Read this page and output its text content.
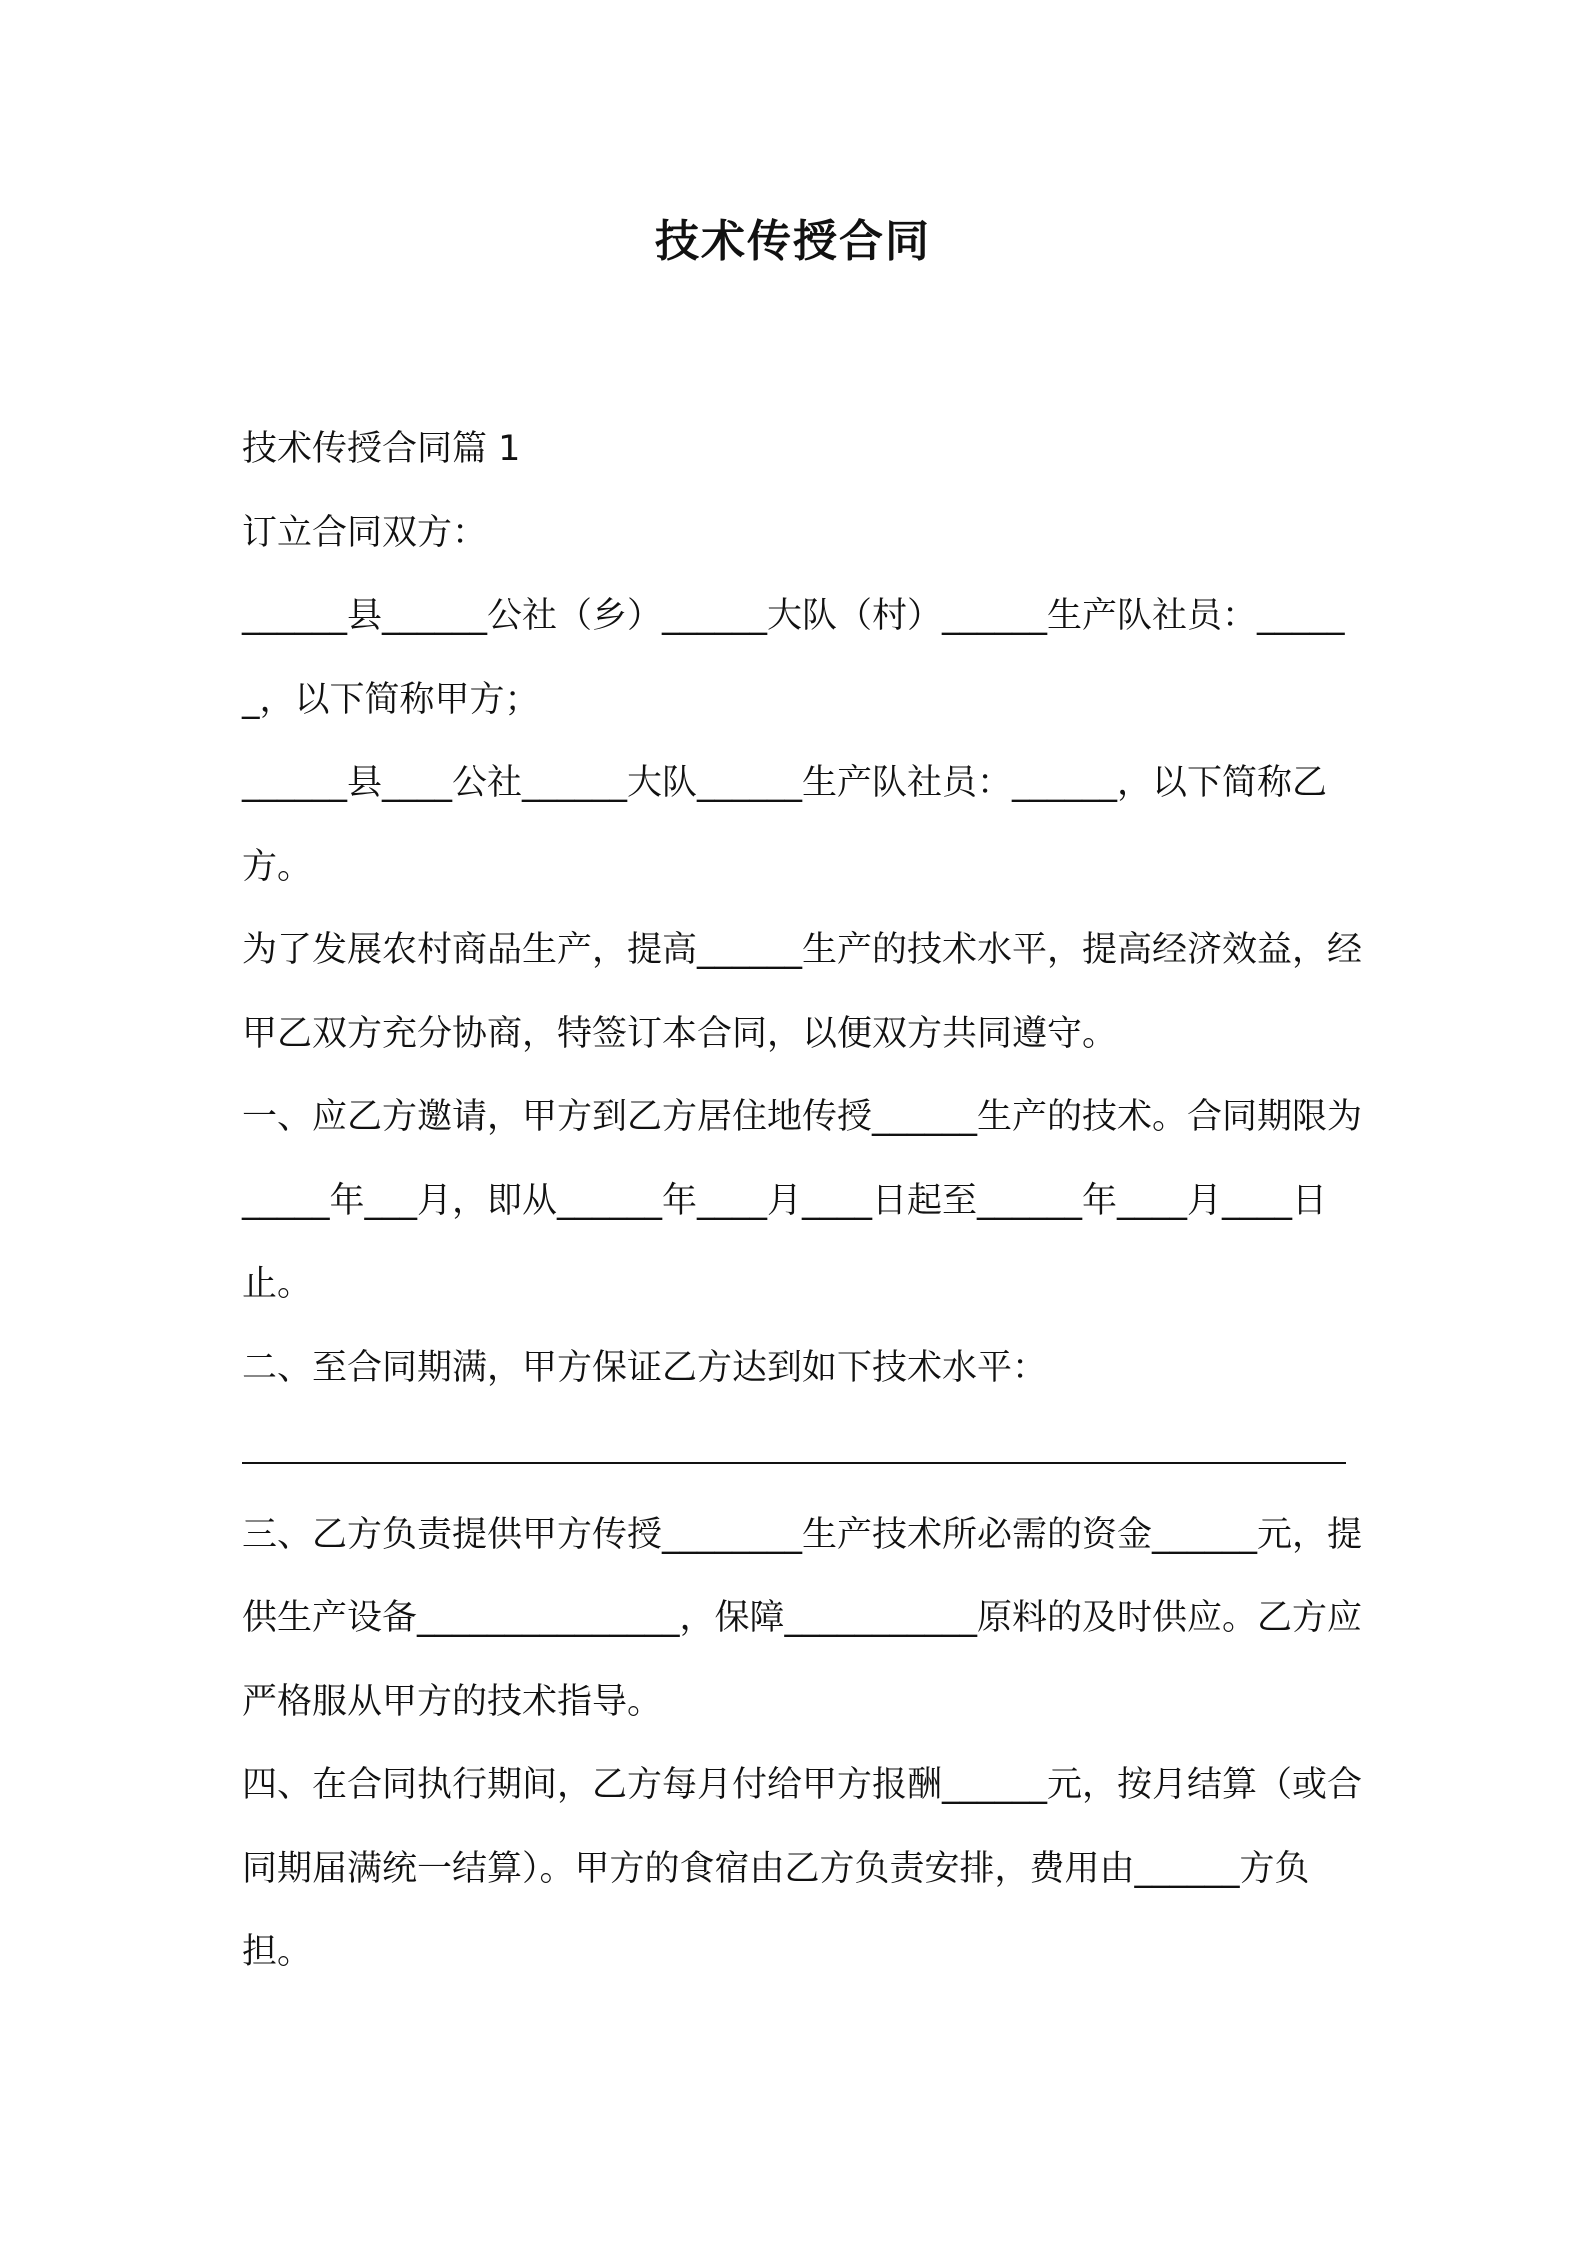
技术传授合同

技术传授合同篇 1

订立合同双方：

______县______公社（乡）______大队（村）______生产队社员：______，以下简称甲方；

______县____公社______大队______生产队社员：______，以下简称乙方。

为了发展农村商品生产，提高______生产的技术水平，提高经济效益，经甲乙双方充分协商，特签订本合同，以便双方共同遵守。

一、应乙方邀请，甲方到乙方居住地传授______生产的技术。合同期限为_____年___月，即从______年____月____日起至______年____月____日止。

二、至合同期满，甲方保证乙方达到如下技术水平：

三、乙方负责提供甲方传授________生产技术所必需的资金______元，提供生产设备_______________，保障___________原料的及时供应。乙方应严格服从甲方的技术指导。

四、在合同执行期间，乙方每月付给甲方报酬______元，按月结算（或合同期届满统一结算）。甲方的食宿由乙方负责安排，费用由______方负担。
